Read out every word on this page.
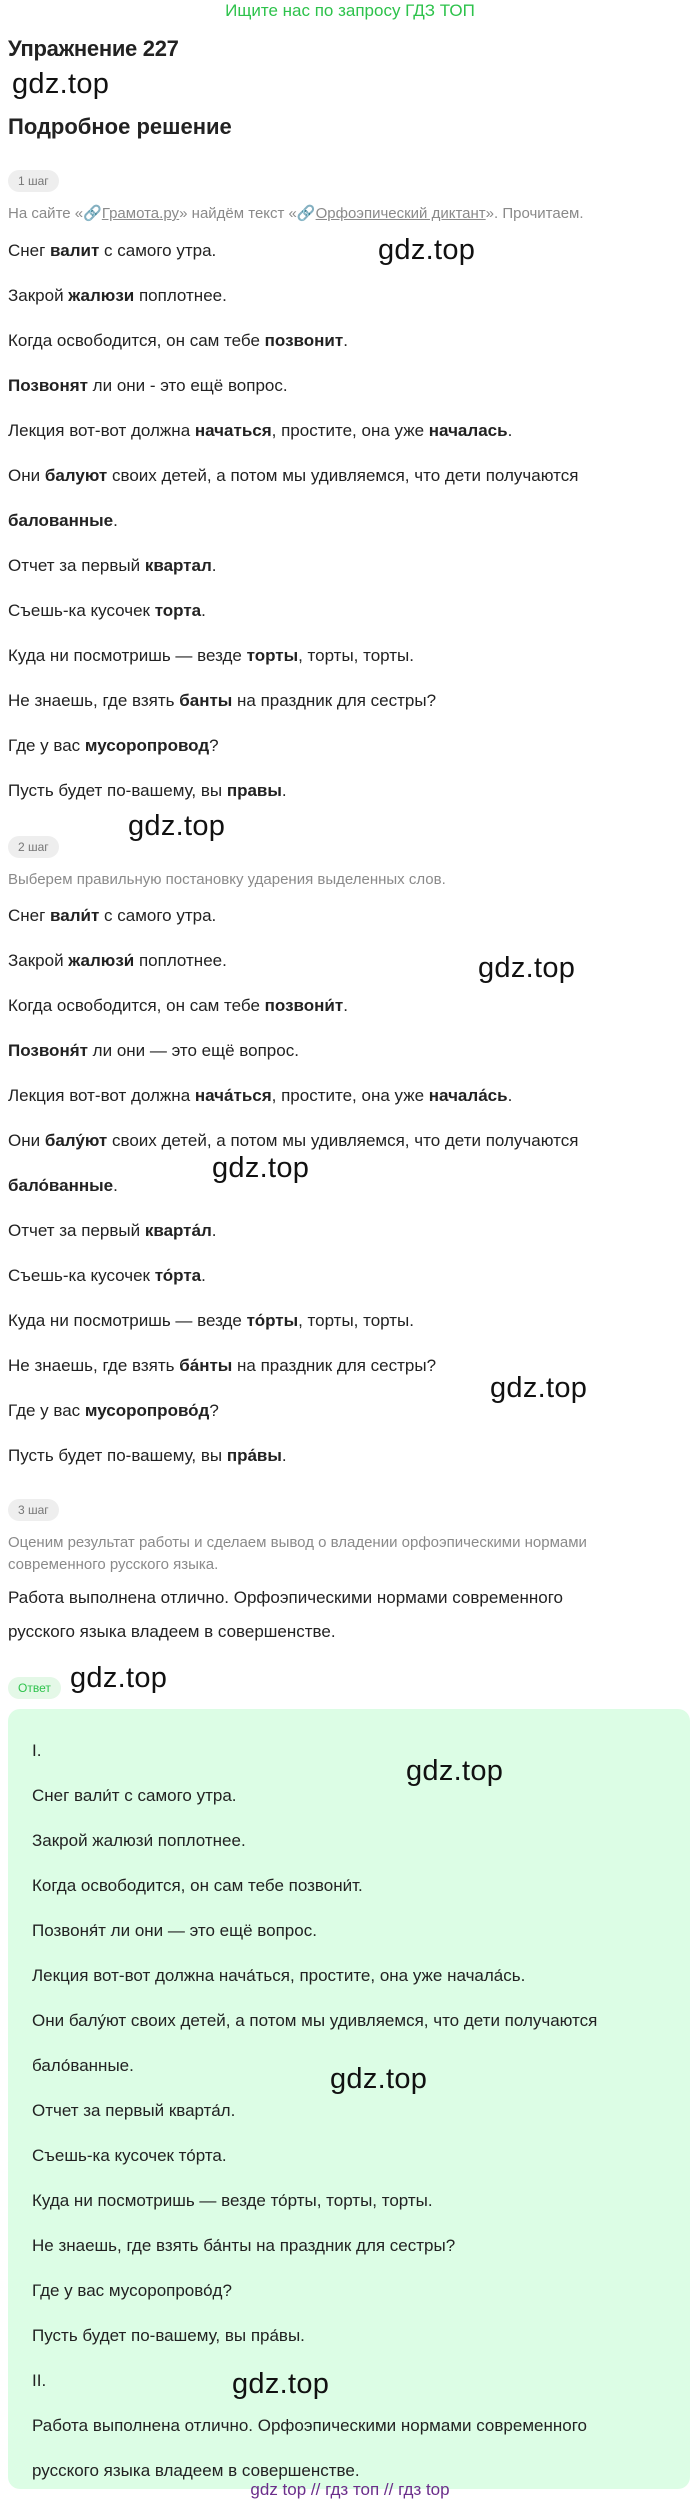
Ищите нас по запросу ГДЗ ТОП
Упражнение 227
gdz.top
gdz.top
gdz.top
gdz.top
gdz.top
gdz.top
gdz.top
Подробное решение
1 шаг
На сайте «🔗Грамота.ру» найдём текст «🔗Орфоэпический диктант». Прочитаем.
Снег валит с самого утра.
Закрой жалюзи поплотнее.
Когда освободится, он сам тебе позвонит.
Позвонят ли они - это ещё вопрос.
Лекция вот-вот должна начаться, простите, она уже началась.
Они балуют своих детей, а потом мы удивляемся, что дети получаются
балованные.
Отчет за первый квартал.
Съешь-ка кусочек торта.
Куда ни посмотришь — везде торты, торты, торты.
Не знаешь, где взять банты на праздник для сестры?
Где у вас мусоропровод?
Пусть будет по-вашему, вы правы.
2 шаг
Выберем правильную постановку ударения выделенных слов.
Снег вали́т с самого утра.
Закрой жалюзи́ поплотнее.
Когда освободится, он сам тебе позвони́т.
Позвоня́т ли они — это ещё вопрос.
Лекция вот-вот должна нача́ться, простите, она уже начала́сь.
Они балу́ют своих детей, а потом мы удивляемся, что дети получаются
бало́ванные.
Отчет за первый кварта́л.
Съешь-ка кусочек то́рта.
Куда ни посмотришь — везде то́рты, торты, торты.
Не знаешь, где взять ба́нты на праздник для сестры?
Где у вас мусоропрово́д?
Пусть будет по-вашему, вы пра́вы.
3 шаг
Оценим результат работы и сделаем вывод о владении орфоэпическими нормами
современного русского языка.
Работа выполнена отлично. Орфоэпическими нормами современного
русского языка владеем в совершенстве.
Ответ
I.
Снег вали́т с самого утра.
Закрой жалюзи́ поплотнее.
Когда освободится, он сам тебе позвони́т.
Позвоня́т ли они — это ещё вопрос.
Лекция вот-вот должна нача́ться, простите, она уже начала́сь.
Они балу́ют своих детей, а потом мы удивляемся, что дети получаются
бало́ванные.
Отчет за первый кварта́л.
Съешь-ка кусочек то́рта.
Куда ни посмотришь — везде то́рты, торты, торты.
Не знаешь, где взять ба́нты на праздник для сестры?
Где у вас мусоропрово́д?
Пусть будет по-вашему, вы пра́вы.
II.
Работа выполнена отлично. Орфоэпическими нормами современного
русского языка владеем в совершенстве.
gdz.top
gdz.top
gdz.top
gdz top // гдз топ // гдз top
